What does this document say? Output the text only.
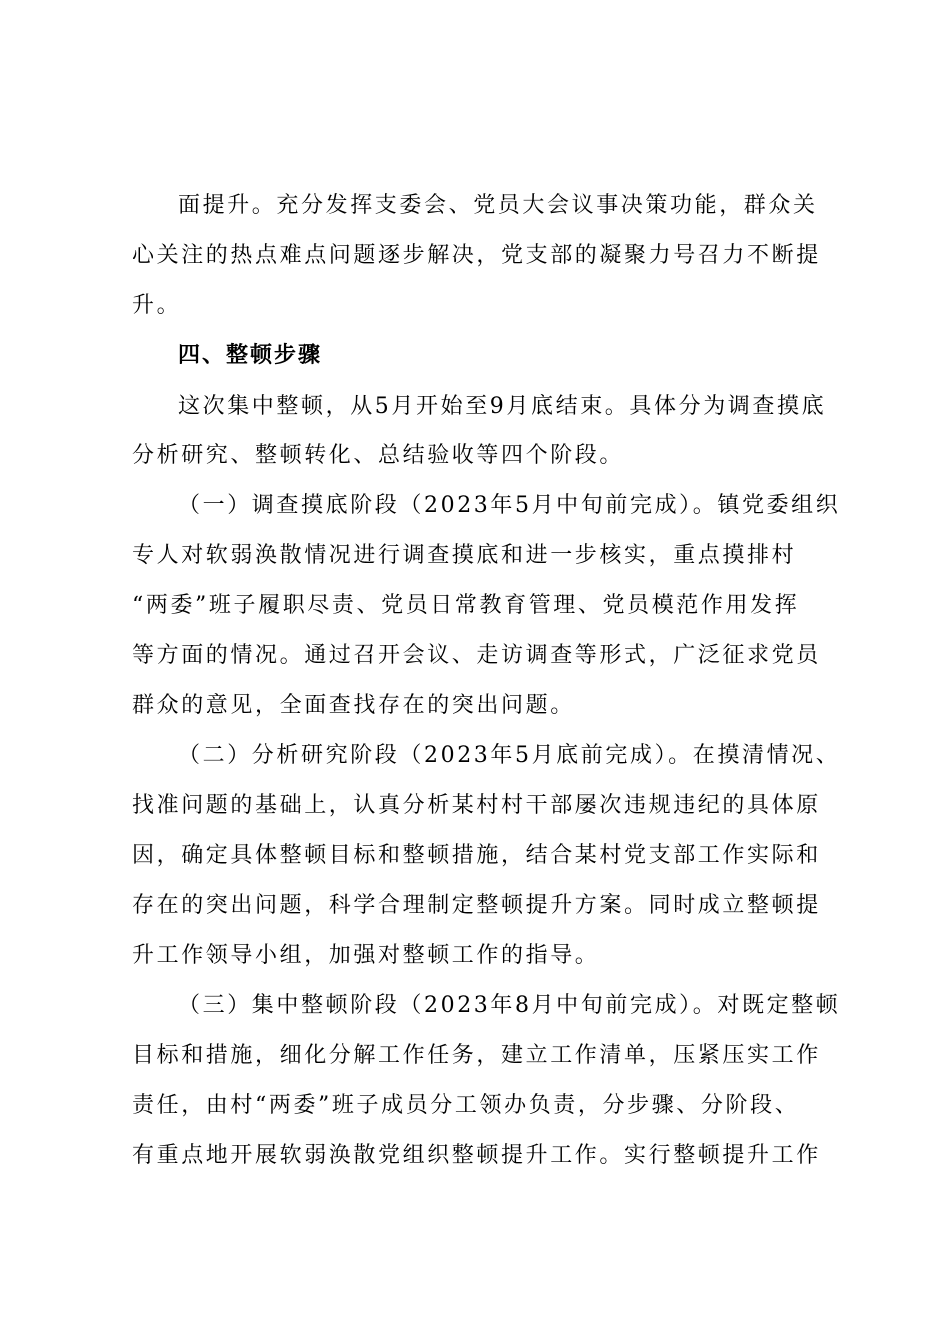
面提升。充分发挥支委会、党员大会议事决策功能，群众关
心关注的热点难点问题逐步解决，党支部的凝聚力号召力不断提
升。
四、整顿步骤
这次集中整顿，从5月开始至9月底结束。具体分为调查摸底
分析研究、整顿转化、总结验收等四个阶段。
（一）调查摸底阶段（2023年5月中旬前完成）。镇党委组织
专人对软弱涣散情况进行调查摸底和进一步核实，重点摸排村
“两委”班子履职尽责、党员日常教育管理、党员模范作用发挥
等方面的情况。通过召开会议、走访调查等形式，广泛征求党员
群众的意见，全面查找存在的突出问题。
（二）分析研究阶段（2023年5月底前完成）。在摸清情况、
找准问题的基础上，认真分析某村村干部屡次违规违纪的具体原
因，确定具体整顿目标和整顿措施，结合某村党支部工作实际和
存在的突出问题，科学合理制定整顿提升方案。同时成立整顿提
升工作领导小组，加强对整顿工作的指导。
（三）集中整顿阶段（2023年8月中旬前完成）。对既定整顿
目标和措施，细化分解工作任务，建立工作清单，压紧压实工作
责任，由村“两委”班子成员分工领办负责，分步骤、分阶段、
有重点地开展软弱涣散党组织整顿提升工作。实行整顿提升工作
